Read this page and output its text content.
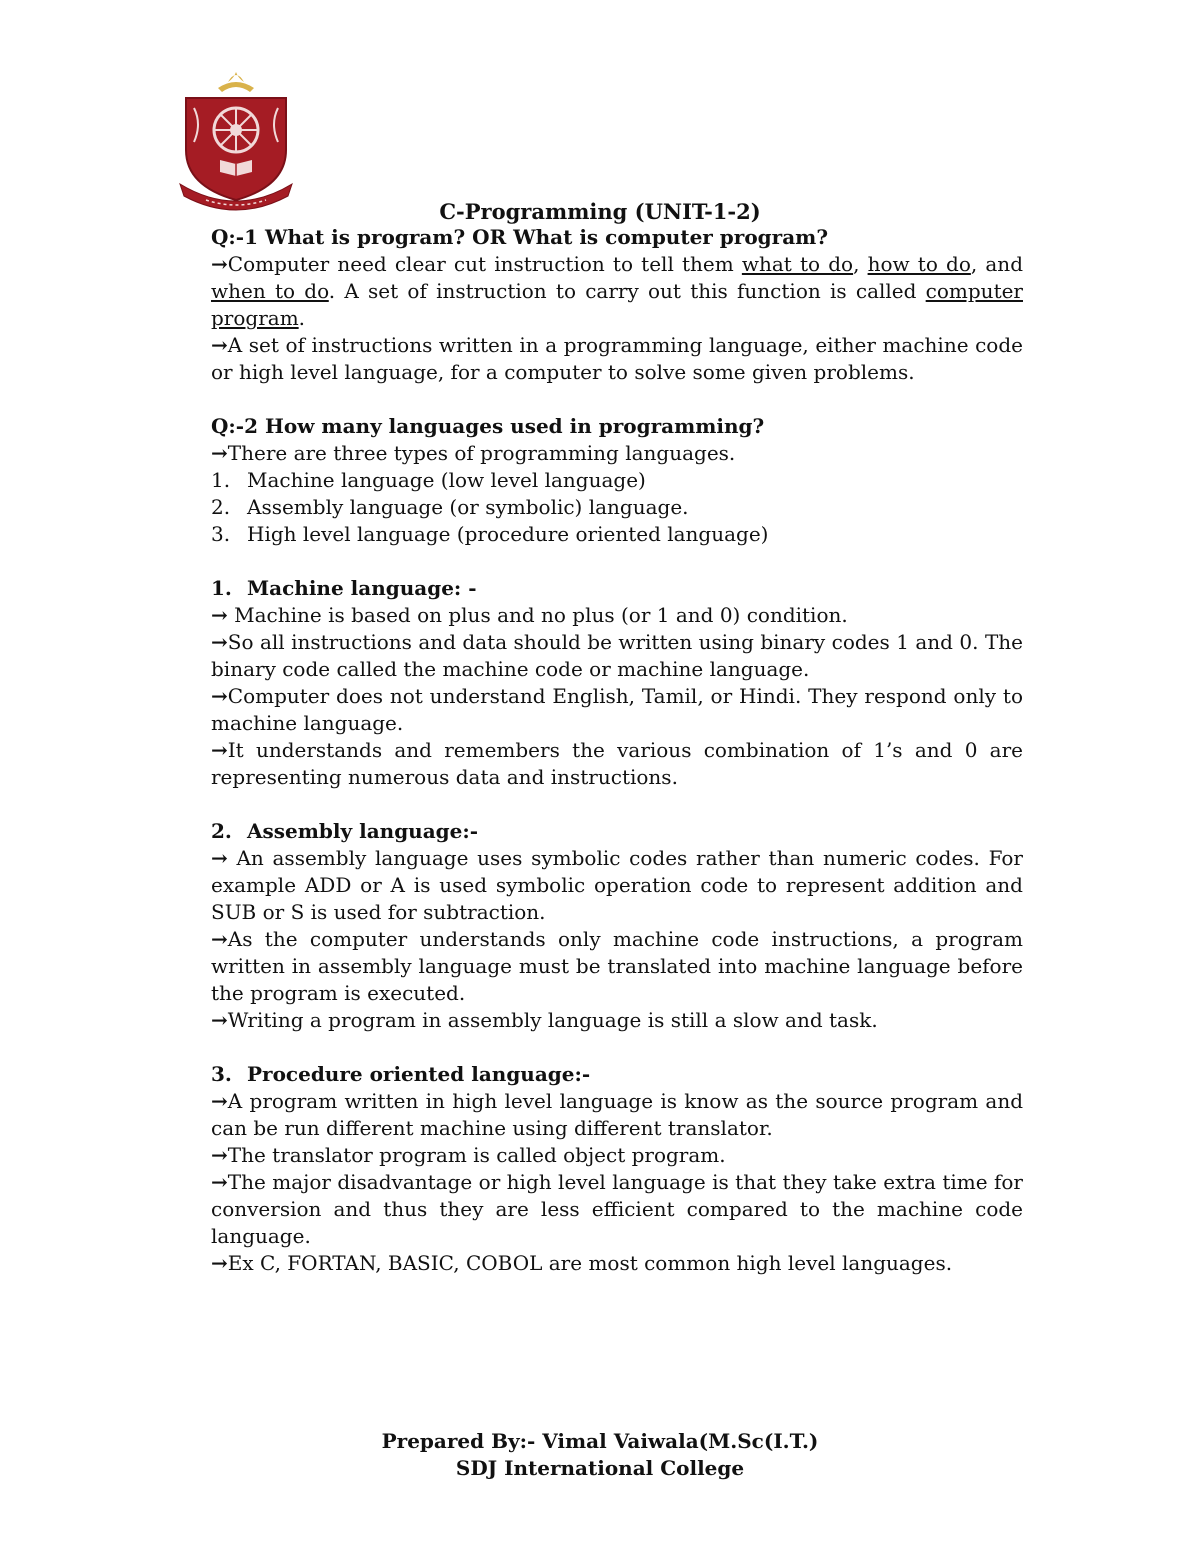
C-Programming (UNIT-1-2)

Q:-1 What is program? OR What is computer program?

→Computer need clear cut instruction to tell them what to do, how to do, and when to do. A set of instruction to carry out this function is called computer program.

→A set of instructions written in a programming language, either machine code or high level language, for a computer to solve some given problems.

Q:-2 How many languages used in programming?

→There are three types of programming languages.

1. Machine language (low level language)
2. Assembly language (or symbolic) language.
3. High level language (procedure oriented language)

1. Machine language: -

→ Machine is based on plus and no plus (or 1 and 0) condition.

→So all instructions and data should be written using binary codes 1 and 0. The binary code called the machine code or machine language.

→Computer does not understand English, Tamil, or Hindi. They respond only to machine language.

→It understands and remembers the various combination of 1’s and 0 are representing numerous data and instructions.

2. Assembly language:-

→ An assembly language uses symbolic codes rather than numeric codes. For example ADD or A is used symbolic operation code to represent addition and SUB or S is used for subtraction.

→As the computer understands only machine code instructions, a program written in assembly language must be translated into machine language before the program is executed.

→Writing a program in assembly language is still a slow and task.

3. Procedure oriented language:-

→A program written in high level language is know as the source program and can be run different machine using different translator.

→The translator program is called object program.

→The major disadvantage or high level language is that they take extra time for conversion and thus they are less efficient compared to the machine code language.

→Ex C, FORTAN, BASIC, COBOL are most common high level languages.

Prepared By:- Vimal Vaiwala(M.Sc(I.T.)
SDJ International College
